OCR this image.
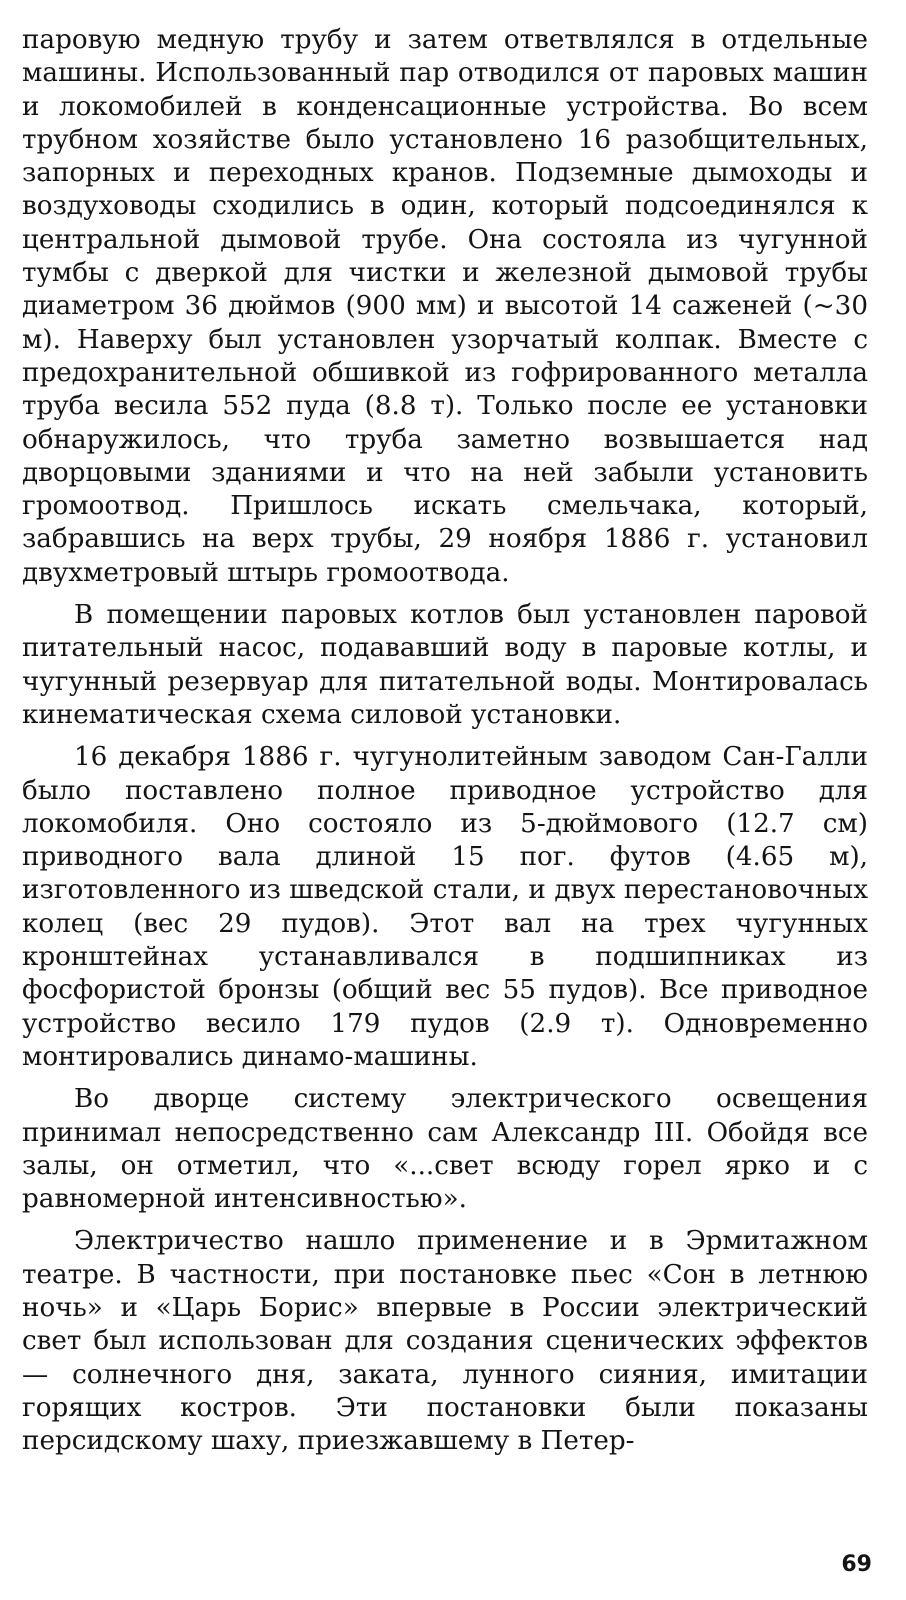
паровую медную трубу и затем ответвлялся в отдельные машины. Использованный пар отводился от паровых машин и локомобилей в конденсационные устройства. Во всем трубном хозяйстве было установлено 16 разобщительных, запорных и переходных кранов. Подземные дымоходы и воздуховоды сходились в один, который подсоединялся к центральной дымовой трубе. Она состояла из чугунной тумбы с дверкой для чистки и железной дымовой трубы диаметром 36 дюймов (900 мм) и высотой 14 саженей (~30 м). Наверху был установлен узорчатый колпак. Вместе с предохранительной обшивкой из гофрированного металла труба весила 552 пуда (8.8 т). Только после ее установки обнаружилось, что труба заметно возвышается над дворцовыми зданиями и что на ней забыли установить громоотвод. Пришлось искать смельчака, который, забравшись на верх трубы, 29 ноября 1886 г. установил двухметровый штырь громоотвода.

В помещении паровых котлов был установлен паровой питательный насос, подававший воду в паровые котлы, и чугунный резервуар для питательной воды. Монтировалась кинематическая схема силовой установки.

16 декабря 1886 г. чугунолитейным заводом Сан-Галли было поставлено полное приводное устройство для локомобиля. Оно состояло из 5-дюймового (12.7 см) приводного вала длиной 15 пог. футов (4.65 м), изготовленного из шведской стали, и двух перестановочных колец (вес 29 пудов). Этот вал на трех чугунных кронштейнах устанавливался в подшипниках из фосфористой бронзы (общий вес 55 пудов). Все приводное устройство весило 179 пудов (2.9 т). Одновременно монтировались динамо-машины.

Во дворце систему электрического освещения принимал непосредственно сам Александр III. Обойдя все залы, он отметил, что «...свет всюду горел ярко и с равномерной интенсивностью».

Электричество нашло применение и в Эрмитажном театре. В частности, при постановке пьес «Сон в летнюю ночь» и «Царь Борис» впервые в России электрический свет был использован для создания сценических эффектов — солнечного дня, заката, лунного сияния, имитации горящих костров. Эти постановки были показаны персидскому шаху, приезжавшему в Петер-

69
